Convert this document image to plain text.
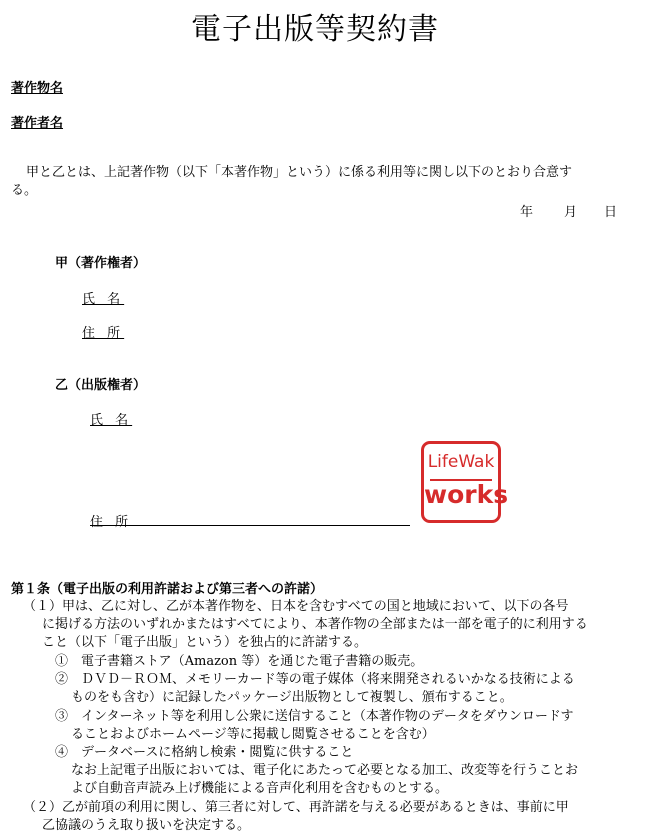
電子出版等契約書
著作物名
著作者名
甲と乙とは、上記著作物（以下「本著作物」という）に係る利用等に関し以下のとおり合意す
る。
年 月 日
甲（著作権者）
氏 名
住 所
乙（出版権者）
氏 名
住 所
LifeWak
works
第１条（電子出版の利用許諾および第三者への許諾）
（１）甲は、乙に対し、乙が本著作物を、日本を含むすべての国と地域において、以下の各号
に掲げる方法のいずれかまたはすべてにより、本著作物の全部または一部を電子的に利用する
こと（以下「電子出版」という）を独占的に許諾する。
①　電子書籍ストア（Amazon 等）を通じた電子書籍の販売。
②　ＤＶＤ－ＲＯＭ、メモリーカード等の電子媒体（将来開発されるいかなる技術による
ものをも含む）に記録したパッケージ出版物として複製し、頒布すること。
③　インターネット等を利用し公衆に送信すること（本著作物のデータをダウンロードす
ることおよびホームページ等に掲載し閲覧させることを含む）
④　データベースに格納し検索・閲覧に供すること
なお上記電子出版においては、電子化にあたって必要となる加工、改変等を行うことお
よび自動音声読み上げ機能による音声化利用を含むものとする。
（２）乙が前項の利用に関し、第三者に対して、再許諾を与える必要があるときは、事前に甲
乙協議のうえ取り扱いを決定する。
